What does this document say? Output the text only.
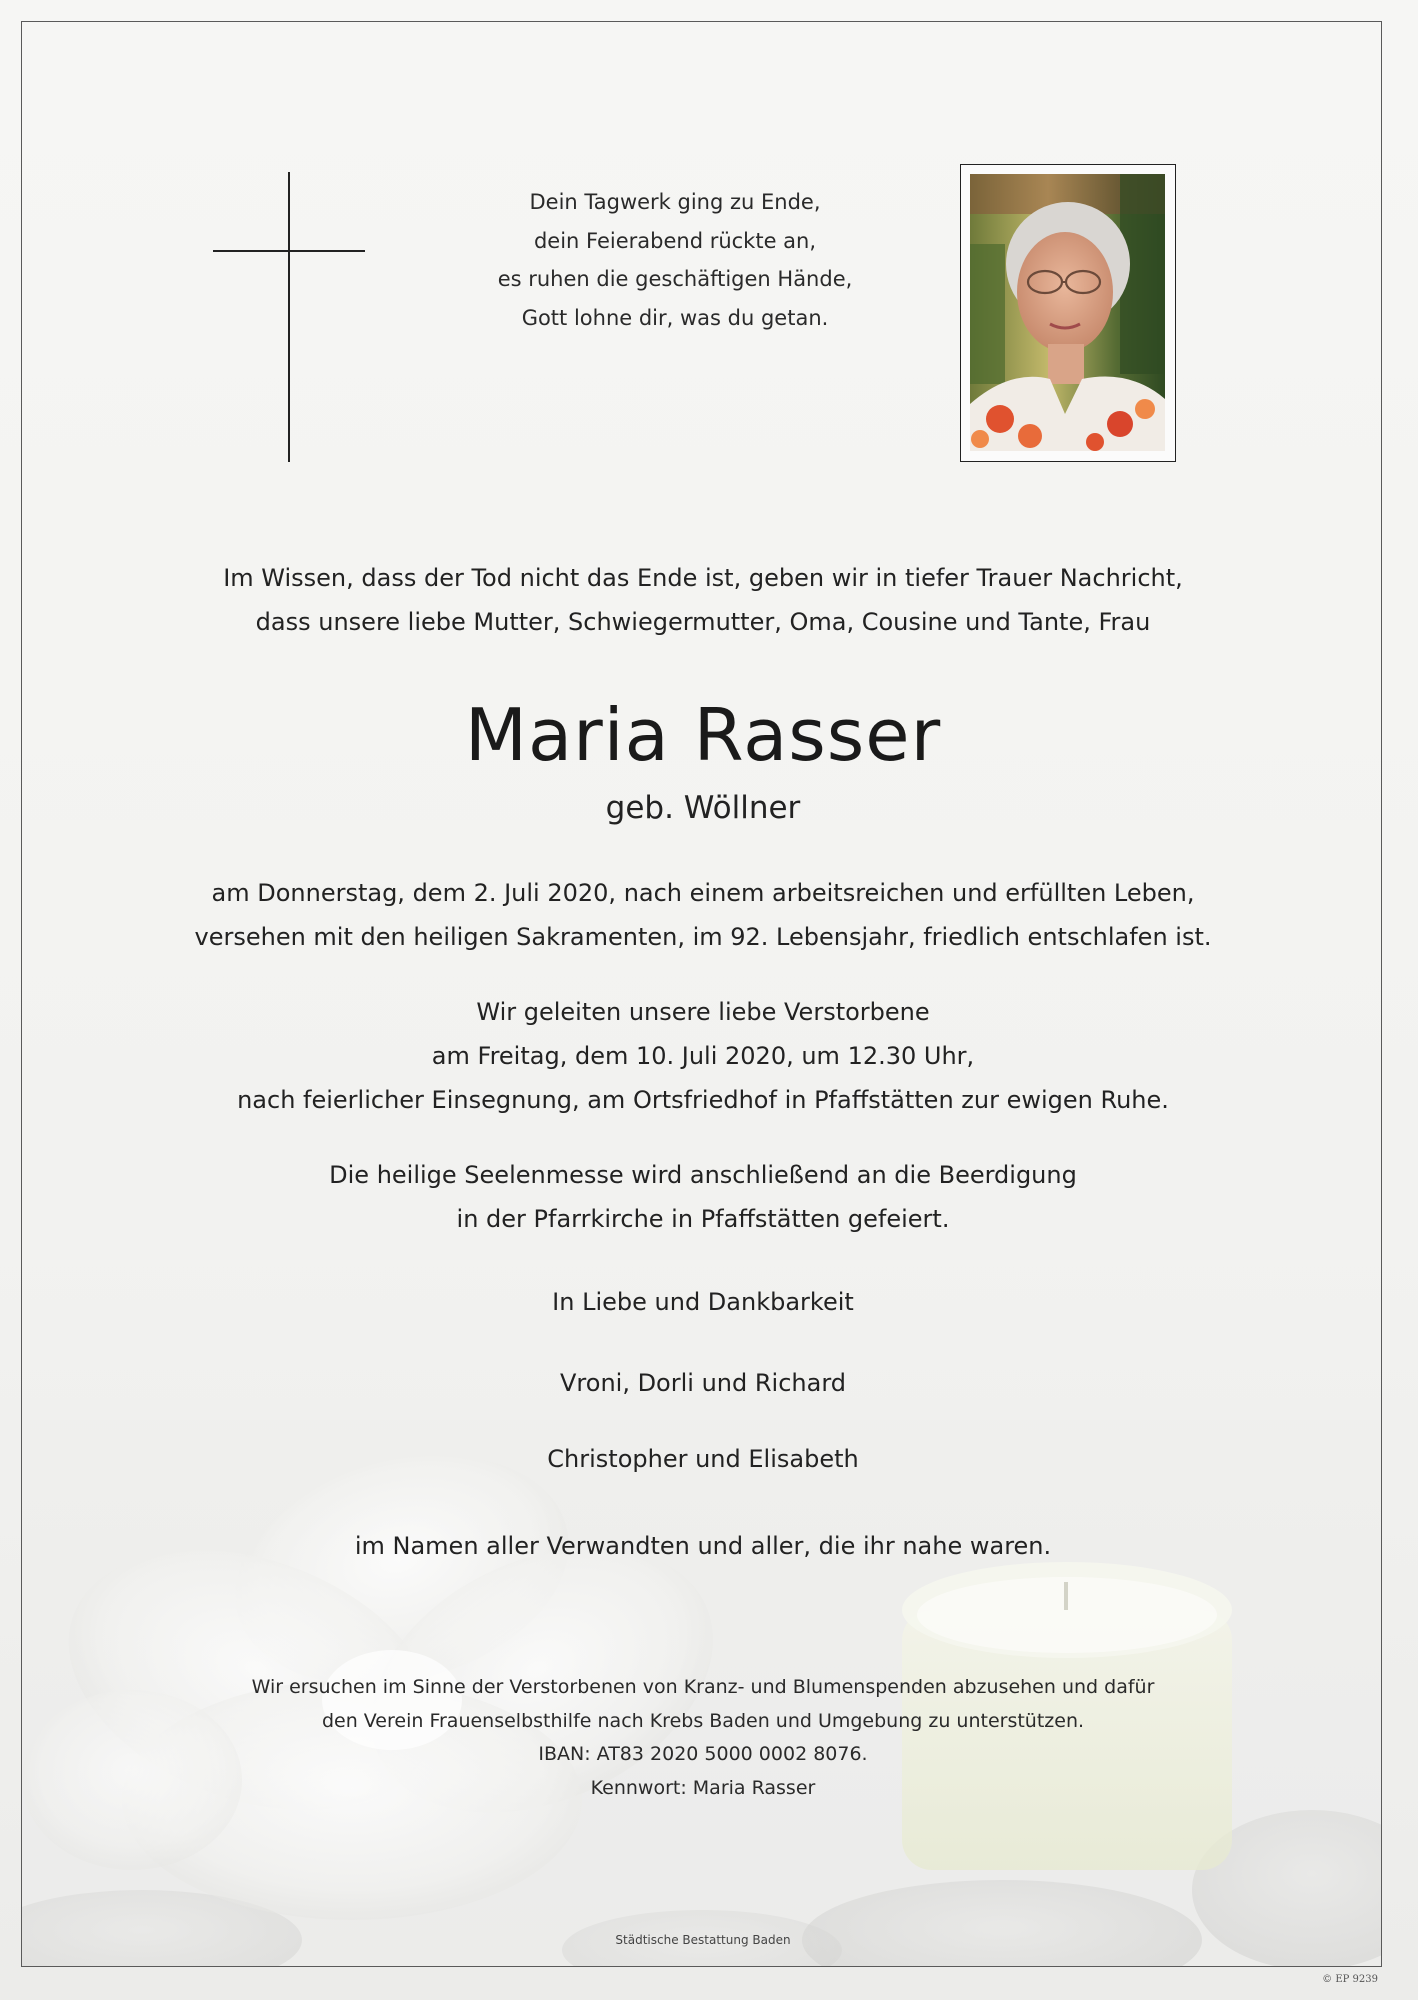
Dein Tagwerk ging zu Ende,
dein Feierabend rückte an,
es ruhen die geschäftigen Hände,
Gott lohne dir, was du getan.
Im Wissen, dass der Tod nicht das Ende ist, geben wir in tiefer Trauer Nachricht,
dass unsere liebe Mutter, Schwiegermutter, Oma, Cousine und Tante, Frau
Maria Rasser
geb. Wöllner
am Donnerstag, dem 2. Juli 2020, nach einem arbeitsreichen und erfüllten Leben,
versehen mit den heiligen Sakramenten, im 92. Lebensjahr, friedlich entschlafen ist.
Wir geleiten unsere liebe Verstorbene
am Freitag, dem 10. Juli 2020, um 12.30 Uhr,
nach feierlicher Einsegnung, am Ortsfriedhof in Pfaffstätten zur ewigen Ruhe.
Die heilige Seelenmesse wird anschließend an die Beerdigung
in der Pfarrkirche in Pfaffstätten gefeiert.
In Liebe und Dankbarkeit
Vroni, Dorli und Richard
Christopher und Elisabeth
im Namen aller Verwandten und aller, die ihr nahe waren.
Wir ersuchen im Sinne der Verstorbenen von Kranz- und Blumenspenden abzusehen und dafür
den Verein Frauenselbsthilfe nach Krebs Baden und Umgebung zu unterstützen.
IBAN: AT83 2020 5000 0002 8076.
Kennwort: Maria Rasser
Städtische Bestattung Baden
© EP 9239
